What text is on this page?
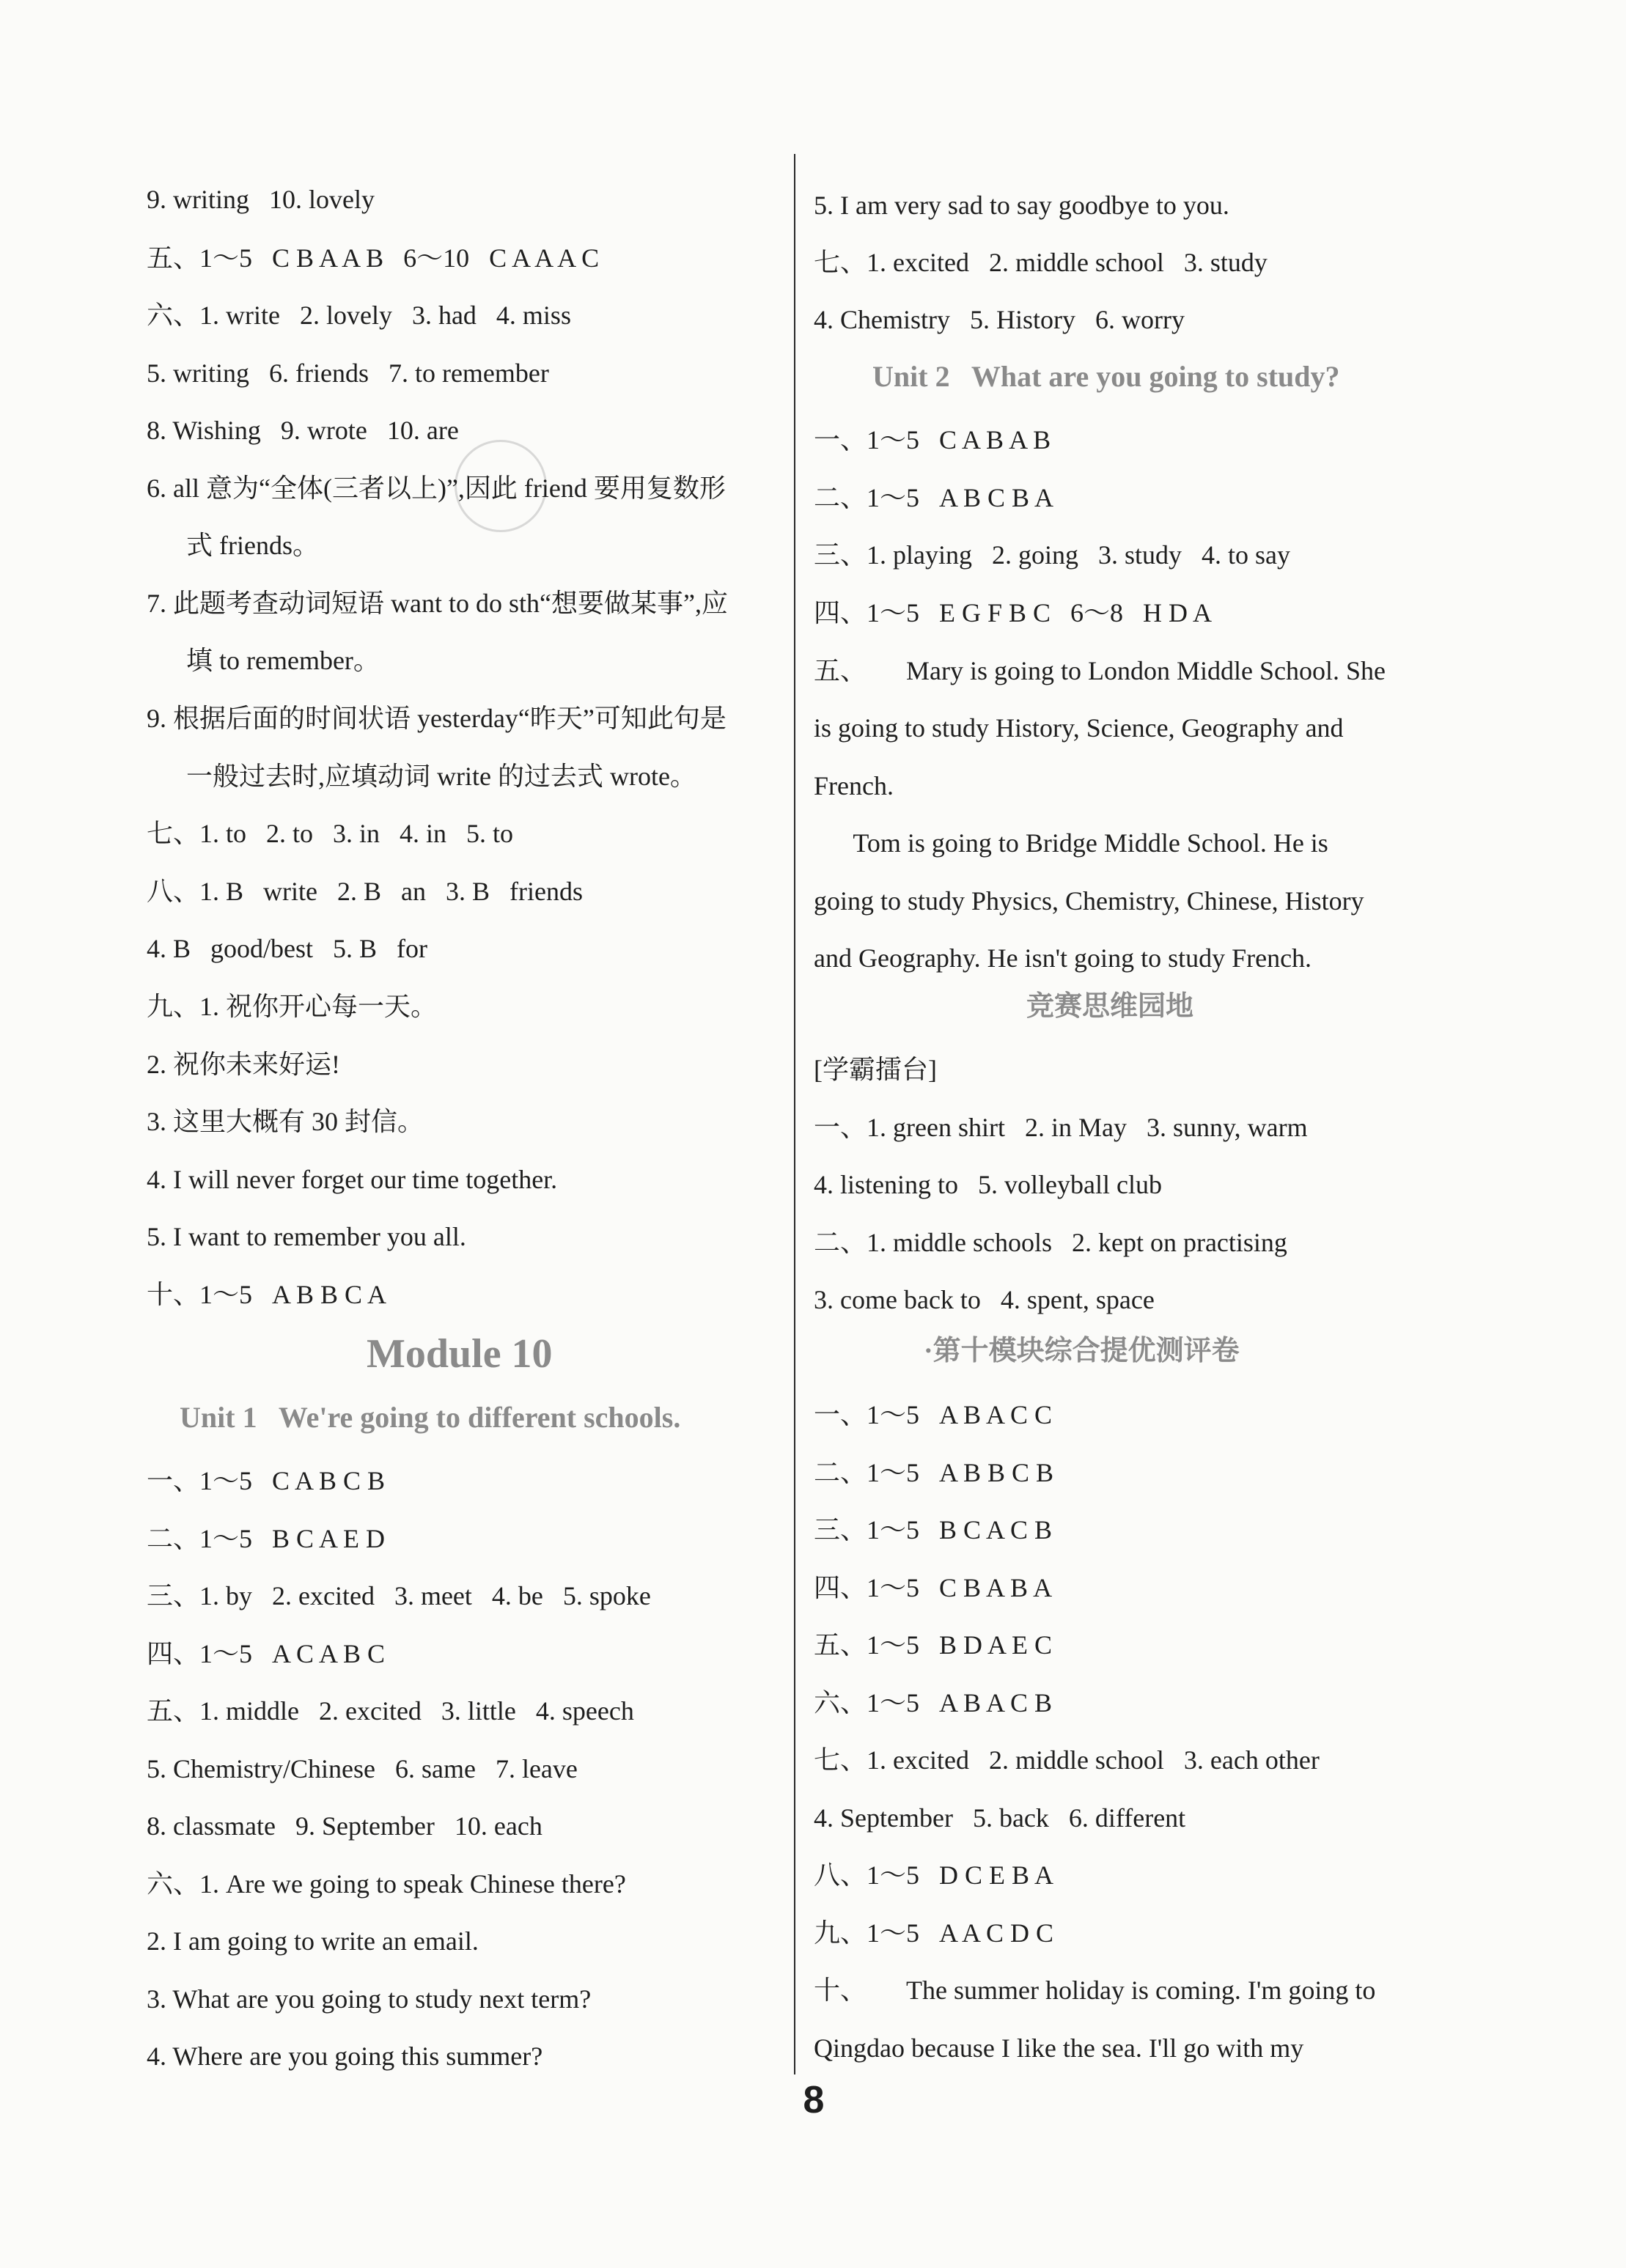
9. writing   10. lovely
五、1～5   C B A A B   6～10   C A A A C
六、1. write   2. lovely   3. had   4. miss
5. writing   6. friends   7. to remember
8. Wishing   9. wrote   10. are
6. all 意为“全体(三者以上)”,因此 friend 要用复数形
式 friends。
7. 此题考查动词短语 want to do sth“想要做某事”,应
填 to remember。
9. 根据后面的时间状语 yesterday“昨天”可知此句是
一般过去时,应填动词 write 的过去式 wrote。
七、1. to   2. to   3. in   4. in   5. to
八、1. B   write   2. B   an   3. B   friends
4. B   good/best   5. B   for
九、1. 祝你开心每一天。
2. 祝你未来好运!
3. 这里大概有 30 封信。
4. I will never forget our time together.
5. I want to remember you all.
十、1～5   A B B C A
Module 10
Unit 1   We're going to different schools.
一、1～5   C A B C B
二、1～5   B C A E D
三、1. by   2. excited   3. meet   4. be   5. spoke
四、1～5   A C A B C
五、1. middle   2. excited   3. little   4. speech
5. Chemistry/Chinese   6. same   7. leave
8. classmate   9. September   10. each
六、1. Are we going to speak Chinese there?
2. I am going to write an email.
3. What are you going to study next term?
4. Where are you going this summer?
5. I am very sad to say goodbye to you.
七、1. excited   2. middle school   3. study
4. Chemistry   5. History   6. worry
Unit 2   What are you going to study?
一、1～5   C A B A B
二、1～5   A B C B A
三、1. playing   2. going   3. study   4. to say
四、1～5   E G F B C   6～8   H D A
五、      Mary is going to London Middle School. She
is going to study History, Science, Geography and
French.
Tom is going to Bridge Middle School. He is
going to study Physics, Chemistry, Chinese, History
and Geography. He isn't going to study French.
竞赛思维园地
[学霸擂台]
一、1. green shirt   2. in May   3. sunny, warm
4. listening to   5. volleyball club
二、1. middle schools   2. kept on practising
3. come back to   4. spent, space
·第十模块综合提优测评卷
一、1～5   A B A C C
二、1～5   A B B C B
三、1～5   B C A C B
四、1～5   C B A B A
五、1～5   B D A E C
六、1～5   A B A C B
七、1. excited   2. middle school   3. each other
4. September   5. back   6. different
八、1～5   D C E B A
九、1～5   A A C D C
十、      The summer holiday is coming. I'm going to
Qingdao because I like the sea. I'll go with my
8
